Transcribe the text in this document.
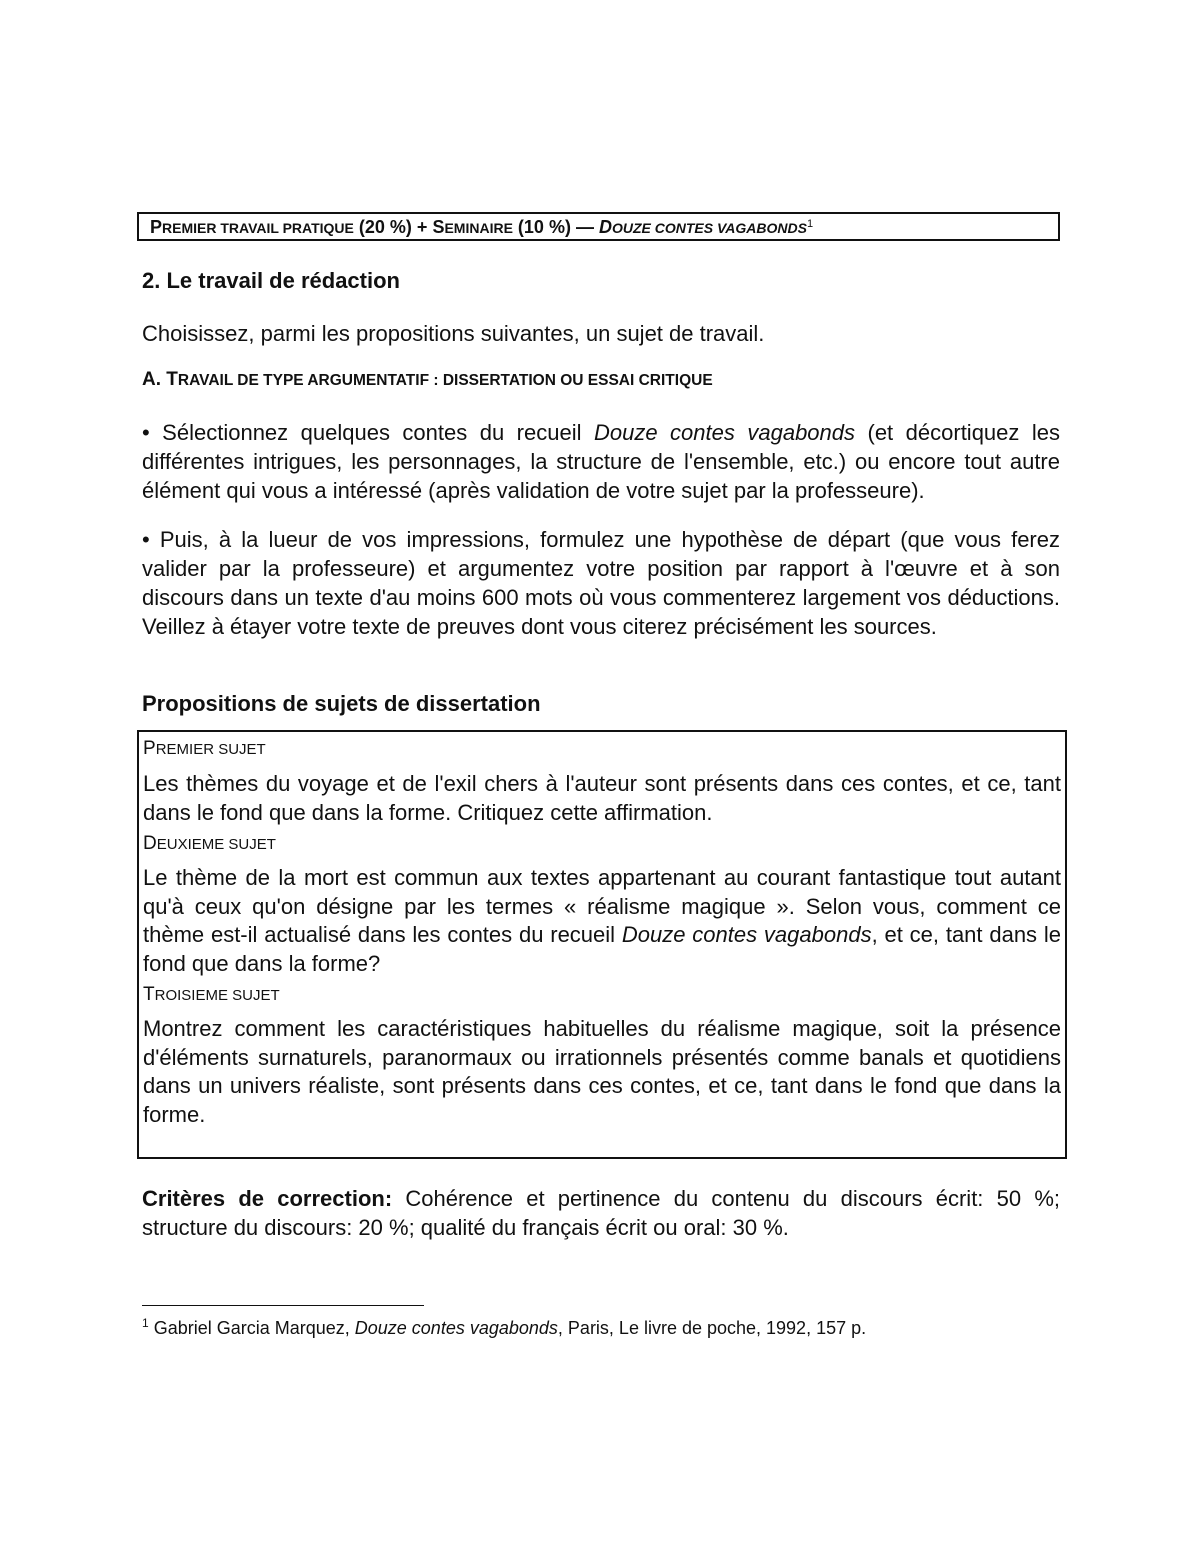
PREMIER TRAVAIL PRATIQUE (20 %) + SEMINAIRE (10 %) — DOUZE CONTES VAGABONDS$^1$
2. Le travail de rédaction

Choisissez, parmi les propositions suivantes, un sujet de travail.

A. TRAVAIL DE TYPE ARGUMENTATIF : DISSERTATION OU ESSAI CRITIQUE

• Sélectionnez quelques contes du recueil Douze contes vagabonds (et décortiquez les différentes intrigues, les personnages, la structure de l'ensemble, etc.) ou encore tout autre élément qui vous a intéressé (après validation de votre sujet par la professeure).

• Puis, à la lueur de vos impressions, formulez une hypothèse de départ (que vous ferez valider par la professeure) et argumentez votre position par rapport à l'œuvre et à son discours dans un texte d'au moins 600 mots où vous commenterez largement vos déductions. Veillez à étayer votre texte de preuves dont vous citerez précisément les sources.

Propositions de sujets de dissertation

PREMIER SUJET

Les thèmes du voyage et de l'exil chers à l'auteur sont présents dans ces contes, et ce, tant dans le fond que dans la forme. Critiquez cette affirmation.

DEUXIEME SUJET

Le thème de la mort est commun aux textes appartenant au courant fantastique tout autant qu'à ceux qu'on désigne par les termes « réalisme magique ». Selon vous, comment ce thème est-il actualisé dans les contes du recueil Douze contes vagabonds, et ce, tant dans le fond que dans la forme?

TROISIEME SUJET

Montrez comment les caractéristiques habituelles du réalisme magique, soit la présence d'éléments surnaturels, paranormaux ou irrationnels présentés comme banals et quotidiens dans un univers réaliste, sont présents dans ces contes, et ce, tant dans le fond que dans la forme.

Critères de correction: Cohérence et pertinence du contenu du discours écrit: 50 %; structure du discours: 20 %; qualité du français écrit ou oral: 30 %.

$^1$ Gabriel Garcia Marquez, Douze contes vagabonds, Paris, Le livre de poche, 1992, 157 p.
